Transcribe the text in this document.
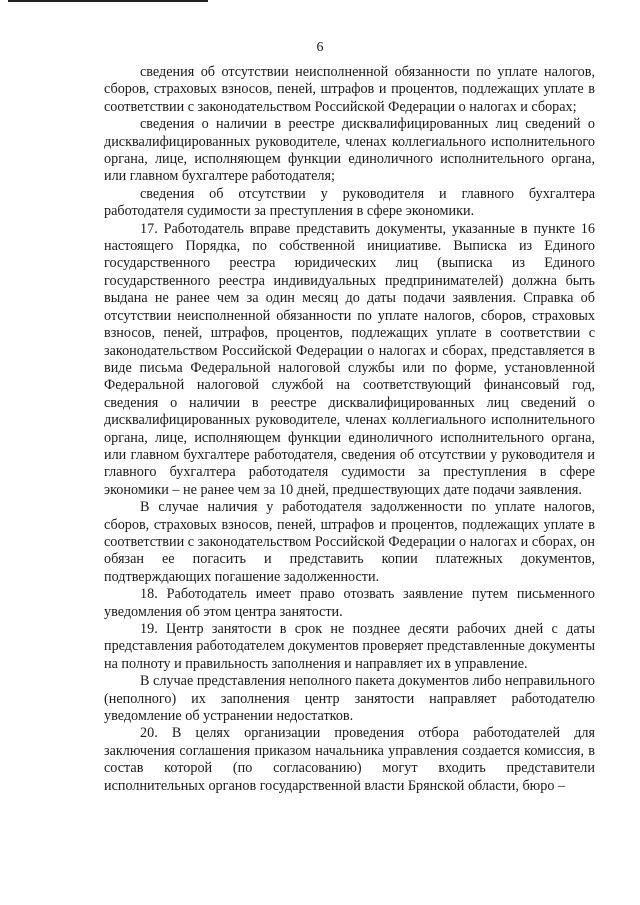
6

сведения об отсутствии неисполненной обязанности по уплате налогов, сборов, страховых взносов, пеней, штрафов и процентов, подлежащих уплате в соответствии с законодательством Российской Федерации о налогах и сборах;

сведения о наличии в реестре дисквалифицированных лиц сведений о дисквалифицированных руководителе, членах коллегиального исполнительного органа, лице, исполняющем функции единоличного исполнительного органа, или главном бухгалтере работодателя;

сведения об отсутствии у руководителя и главного бухгалтера работодателя судимости за преступления в сфере экономики.

17. Работодатель вправе представить документы, указанные в пункте 16 настоящего Порядка, по собственной инициативе. Выписка из Единого государственного реестра юридических лиц (выписка из Единого государственного реестра индивидуальных предпринимателей) должна быть выдана не ранее чем за один месяц до даты подачи заявления. Справка об отсутствии неисполненной обязанности по уплате налогов, сборов, страховых взносов, пеней, штрафов, процентов, подлежащих уплате в соответствии с законодательством Российской Федерации о налогах и сборах, представляется в виде письма Федеральной налоговой службы или по форме, установленной Федеральной налоговой службой на соответствующий финансовый год, сведения о наличии в реестре дисквалифицированных лиц сведений о дисквалифицированных руководителе, членах коллегиального исполнительного органа, лице, исполняющем функции единоличного исполнительного органа, или главном бухгалтере работодателя, сведения об отсутствии у руководителя и главного бухгалтера работодателя судимости за преступления в сфере экономики – не ранее чем за 10 дней, предшествующих дате подачи заявления.

В случае наличия у работодателя задолженности по уплате налогов, сборов, страховых взносов, пеней, штрафов и процентов, подлежащих уплате в соответствии с законодательством Российской Федерации о налогах и сборах, он обязан ее погасить и представить копии платежных документов, подтверждающих погашение задолженности.

18. Работодатель имеет право отозвать заявление путем письменного уведомления об этом центра занятости.

19. Центр занятости в срок не позднее десяти рабочих дней с даты представления работодателем документов проверяет представленные документы на полноту и правильность заполнения и направляет их в управление.

В случае представления неполного пакета документов либо неправильного (неполного) их заполнения центр занятости направляет работодателю уведомление об устранении недостатков.

20. В целях организации проведения отбора работодателей для заключения соглашения приказом начальника управления создается комиссия, в состав которой (по согласованию) могут входить представители исполнительных органов государственной власти Брянской области, бюро –
